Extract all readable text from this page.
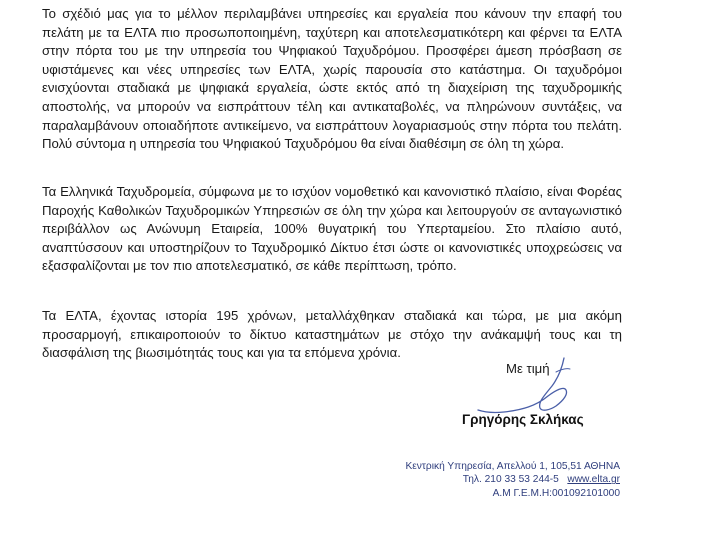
Το σχέδιό μας για το μέλλον περιλαμβάνει υπηρεσίες και εργαλεία που κάνουν την επαφή του πελάτη με τα ΕΛΤΑ πιο προσωποποιημένη, ταχύτερη και αποτελεσματικότερη και φέρνει τα ΕΛΤΑ στην πόρτα του με την υπηρεσία του Ψηφιακού Ταχυδρόμου. Προσφέρει άμεση πρόσβαση σε υφιστάμενες και νέες υπηρεσίες των ΕΛΤΑ, χωρίς παρουσία στο κατάστημα. Οι ταχυδρόμοι ενισχύονται σταδιακά με ψηφιακά εργαλεία, ώστε εκτός από τη διαχείριση της ταχυδρομικής αποστολής, να μπορούν να εισπράττουν τέλη και αντικαταβολές, να πληρώνουν συντάξεις, να παραλαμβάνουν οποιαδήποτε αντικείμενο, να εισπράττουν λογαριασμούς στην πόρτα του πελάτη. Πολύ σύντομα η υπηρεσία του Ψηφιακού Ταχυδρόμου θα είναι διαθέσιμη σε όλη τη χώρα.

Τα Ελληνικά Ταχυδρομεία, σύμφωνα με το ισχύον νομοθετικό και κανονιστικό πλαίσιο, είναι Φορέας Παροχής Καθολικών Ταχυδρομικών Υπηρεσιών σε όλη την χώρα και λειτουργούν σε ανταγωνιστικό περιβάλλον ως Ανώνυμη Εταιρεία, 100% θυγατρική του Υπερταμείου. Στο πλαίσιο αυτό, αναπτύσσουν και υποστηρίζουν το Ταχυδρομικό Δίκτυο έτσι ώστε οι κανονιστικές υποχρεώσεις να εξασφαλίζονται με τον πιο αποτελεσματικό, σε κάθε περίπτωση, τρόπο.

Τα ΕΛΤΑ, έχοντας ιστορία 195 χρόνων, μεταλλάχθηκαν σταδιακά και τώρα, με μια ακόμη προσαρμογή, επικαιροποιούν το δίκτυο καταστημάτων με στόχο την ανάκαμψή τους και τη διασφάλιση της βιωσιμότητάς τους και για τα επόμενα χρόνια.

Με τιμή
Γρηγόρης Σκλήκας
Κεντρική Υπηρεσία, Απελλού 1, 105,51 ΑΘΗΝΑ
Τηλ. 210 33 53 244-5 www.elta.gr
Α.Μ Γ.Ε.Μ.Η:001092101000
